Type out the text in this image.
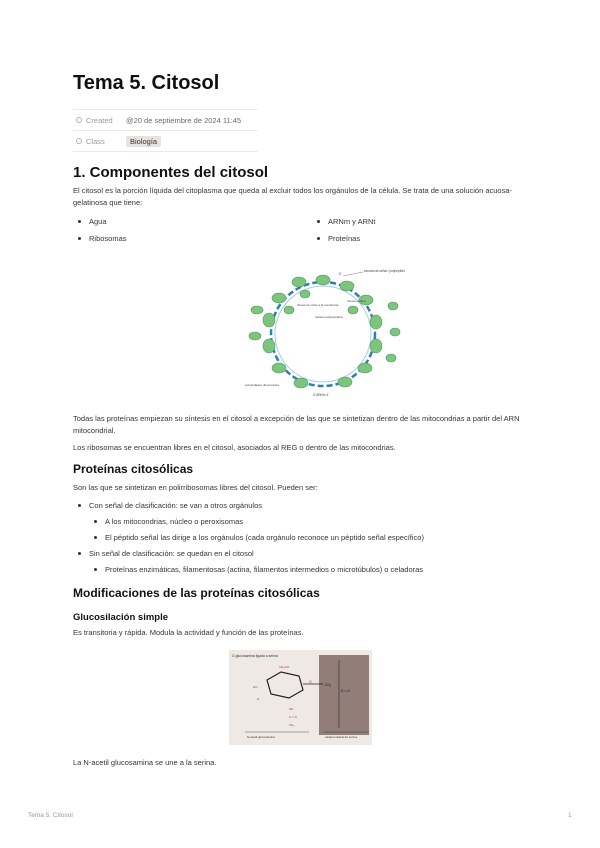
Tema 5. Citosol
Created @20 de septiembre de 2024 11:45
Class	Biología
1. Componentes del citosol

El citosol es la porción líquida del citoplasma que queda al excluir todos los orgánulos de la célula. Se trata de una solución acuosa-gelatinosa que tiene:

Agua	ARNm y ARNt
Ribosomas	Proteínas
secuencia señal / polipéptido
5'
ribosoma unido a la membrana
cadena polipeptídica
ribosoma libre
subunidades ribosómicas
5' ARNm 3'

Todas las proteínas empiezan su síntesis en el citosol a excepción de las que se sintetizan dentro de las mitocondrias a partir del ARN mitocondrial.

Los ribosomas se encuentran libres en el citosol, asociados al REG o dentro de las mitocondrias.

Proteínas citosólicas

Son las que se sintetizan en polirribosomas libres del citosol. Pueden ser:

Con señal de clasificación: se van a otros orgánulos
A los mitocondrias, núcleo o peroxisomas
El péptido señal las dirige a los orgánulos (cada orgánulo reconoce un péptido señal específico)
Sin señal de clasificación: se quedan en el citosol
Proteínas enzimáticas, filamentosas (actina, filamentos intermedios o microtúbulos) o celadoras
Modificaciones de las proteínas citosólicas
Glucosilación simple

Es transitoria y rápida. Modula la actividad y función de las proteínas.

O-glucosamina ligada a serina
O
CH₂
C = O
CH₂OH
HO
H
NH
C = O
CH₃
N-acetil glucosamina	cadena lateral de serina

La N-acetil glucosamina se une a la serina.

Tema 5. Citosol	1
